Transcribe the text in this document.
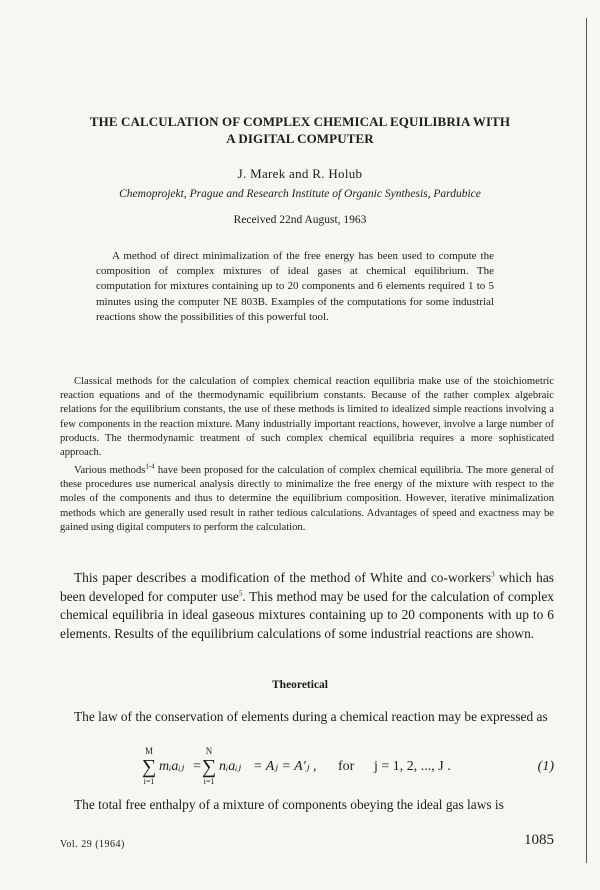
THE CALCULATION OF COMPLEX CHEMICAL EQUILIBRIA WITH
A DIGITAL COMPUTER
J. Marek and R. Holub
Chemoprojekt, Prague and Research Institute of Organic Synthesis, Pardubice
Received 22nd August, 1963

A method of direct minimalization of the free energy has been used to compute the composition of complex mixtures of ideal gases at chemical equilibrium. The computation for mixtures containing up to 20 components and 6 elements required 1 to 5 minutes using the computer NE 803B. Examples of the computations for some industrial reactions show the possibilities of this powerful tool.

Classical methods for the calculation of complex chemical reaction equilibria make use of the stoichiometric reaction equations and of the thermodynamic equilibrium constants. Because of the rather complex algebraic relations for the equilibrium constants, the use of these methods is limited to idealized simple reactions involving a few components in the reaction mixture. Many industrially important reactions, however, involve a large number of products. The thermodynamic treatment of such complex chemical equilibria requires a more sophisticated approach.

Various methods$^{1-4}$ have been proposed for the calculation of complex chemical equilibria. The more general of these procedures use numerical analysis directly to minimalize the free energy of the mixture with respect to the moles of the components and thus to determine the equilibrium composition. However, iterative minimalization methods which are generally used result in rather tedious calculations. Advantages of speed and exactness may be gained using digital computers to perform the calculation.

This paper describes a modification of the method of White and co-workers$^3$ which has been developed for computer use$^5$. This method may be used for the calculation of complex chemical equilibria in ideal gaseous mixtures containing up to 20 components with up to 6 elements. Results of the equilibrium calculations of some industrial reactions are shown.

Theoretical

The law of the conservation of elements during a chemical reaction may be expressed as

M
∑
i=1
mᵢaᵢⱼ =
N
∑
i=1
nᵢaᵢⱼ = Aⱼ = A′ⱼ , for j = 1, 2, ..., J .	(1)

The total free enthalpy of a mixture of components obeying the ideal gas laws is

Vol. 29 (1964)	1085
